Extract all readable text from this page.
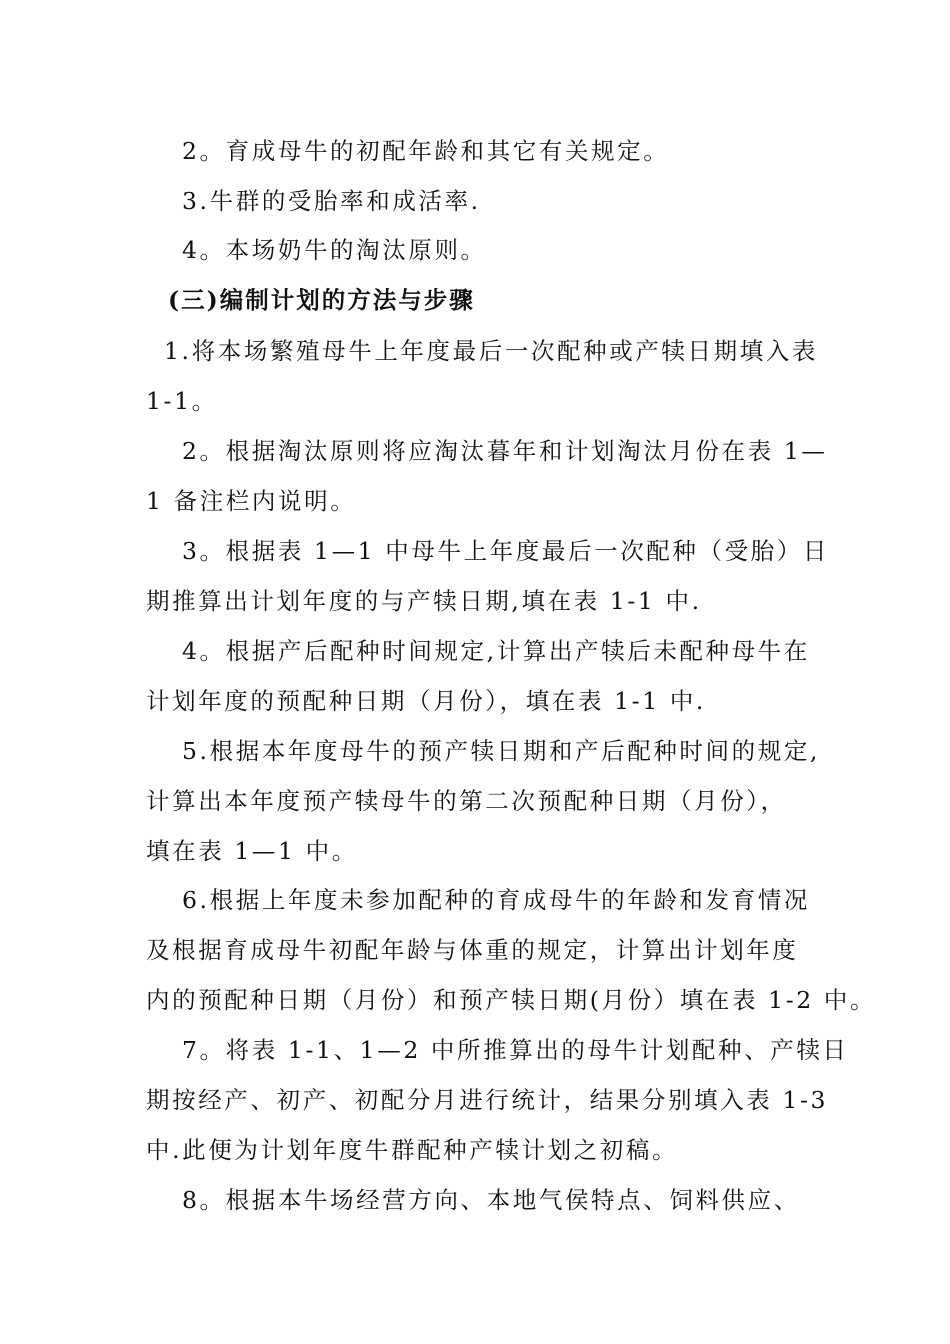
2。育成母牛的初配年龄和其它有关规定。
3.牛群的受胎率和成活率.
4。本场奶牛的淘汰原则。
(三)编制计划的方法与步骤
1.将本场繁殖母牛上年度最后一次配种或产犊日期填入表
1-1。
2。根据淘汰原则将应淘汰暮年和计划淘汰月份在表 1—
1 备注栏内说明。
3。根据表 1—1 中母牛上年度最后一次配种（受胎）日
期推算出计划年度的与产犊日期,填在表 1-1 中.
4。根据产后配种时间规定,计算出产犊后未配种母牛在
计划年度的预配种日期（月份），填在表 1-1 中.
5.根据本年度母牛的预产犊日期和产后配种时间的规定,
计算出本年度预产犊母牛的第二次预配种日期（月份），
填在表 1—1 中。
6.根据上年度未参加配种的育成母牛的年龄和发育情况
及根据育成母牛初配年龄与体重的规定，计算出计划年度
内的预配种日期（月份）和预产犊日期(月份）填在表 1-2 中。
7。将表 1-1、1—2 中所推算出的母牛计划配种、产犊日
期按经产、初产、初配分月进行统计，结果分别填入表 1-3
中.此便为计划年度牛群配种产犊计划之初稿。
8。根据本牛场经营方向、本地气侯特点、饲料供应、
